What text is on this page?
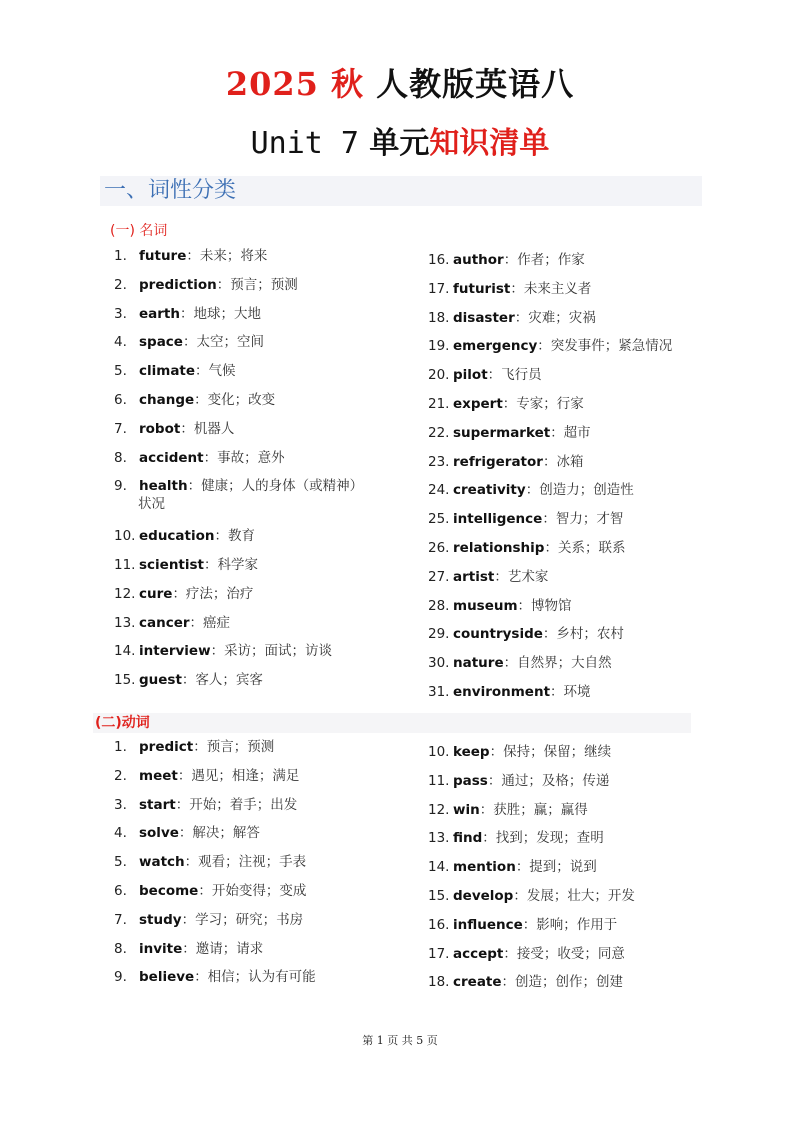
2025 秋 人教版英语八
Unit 7 单元知识清单
一、词性分类
(一) 名词
1. future：未来；将来
2. prediction：预言；预测
3. earth：地球；大地
4. space：太空；空间
5. climate：气候
6. change：变化；改变
7. robot：机器人
8. accident：事故；意外
9. health：健康；人的身体（或精神）
状况
10. education：教育
11. scientist：科学家
12. cure：疗法；治疗
13. cancer：癌症
14. interview：采访；面试；访谈
15. guest：客人；宾客
16. author：作者；作家
17. futurist：未来主义者
18. disaster：灾难；灾祸
19. emergency：突发事件；紧急情况
20. pilot：飞行员
21. expert：专家；行家
22. supermarket：超市
23. refrigerator：冰箱
24. creativity：创造力；创造性
25. intelligence：智力；才智
26. relationship：关系；联系
27. artist：艺术家
28. museum：博物馆
29. countryside：乡村；农村
30. nature：自然界；大自然
31. environment：环境
(二)动词
1. predict：预言；预测
2. meet：遇见；相逢；满足
3. start：开始；着手；出发
4. solve：解决；解答
5. watch：观看；注视；手表
6. become：开始变得；变成
7. study：学习；研究；书房
8. invite：邀请；请求
9. believe：相信；认为有可能
10. keep：保持；保留；继续
11. pass：通过；及格；传递
12. win：获胜；赢；赢得
13. find：找到；发现；查明
14. mention：提到；说到
15. develop：发展；壮大；开发
16. influence：影响；作用于
17. accept：接受；收受；同意
18. create：创造；创作；创建
第 1 页 共 5 页
